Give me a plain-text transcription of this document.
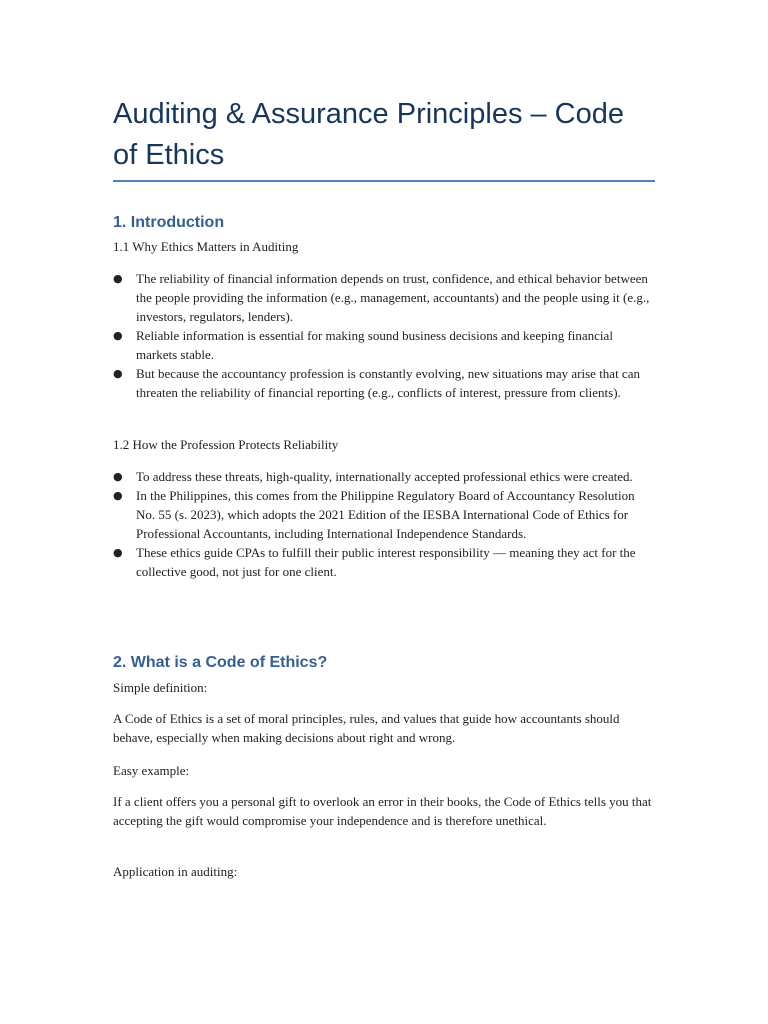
Auditing & Assurance Principles – Code of Ethics
1. Introduction

1.1 Why Ethics Matters in Auditing

● The reliability of financial information depends on trust, confidence, and ethical behavior between the people providing the information (e.g., management, accountants) and the people using it (e.g., investors, regulators, lenders).
● Reliable information is essential for making sound business decisions and keeping financial markets stable.
● But because the accountancy profession is constantly evolving, new situations may arise that can threaten the reliability of financial reporting (e.g., conflicts of interest, pressure from clients).

1.2 How the Profession Protects Reliability

● To address these threats, high-quality, internationally accepted professional ethics were created.
● In the Philippines, this comes from the Philippine Regulatory Board of Accountancy Resolution No. 55 (s. 2023), which adopts the 2021 Edition of the IESBA International Code of Ethics for Professional Accountants, including International Independence Standards.
● These ethics guide CPAs to fulfill their public interest responsibility — meaning they act for the collective good, not just for one client.
2. What is a Code of Ethics?

Simple definition:

A Code of Ethics is a set of moral principles, rules, and values that guide how accountants should behave, especially when making decisions about right and wrong.

Easy example:

If a client offers you a personal gift to overlook an error in their books, the Code of Ethics tells you that accepting the gift would compromise your independence and is therefore unethical.

Application in auditing:
